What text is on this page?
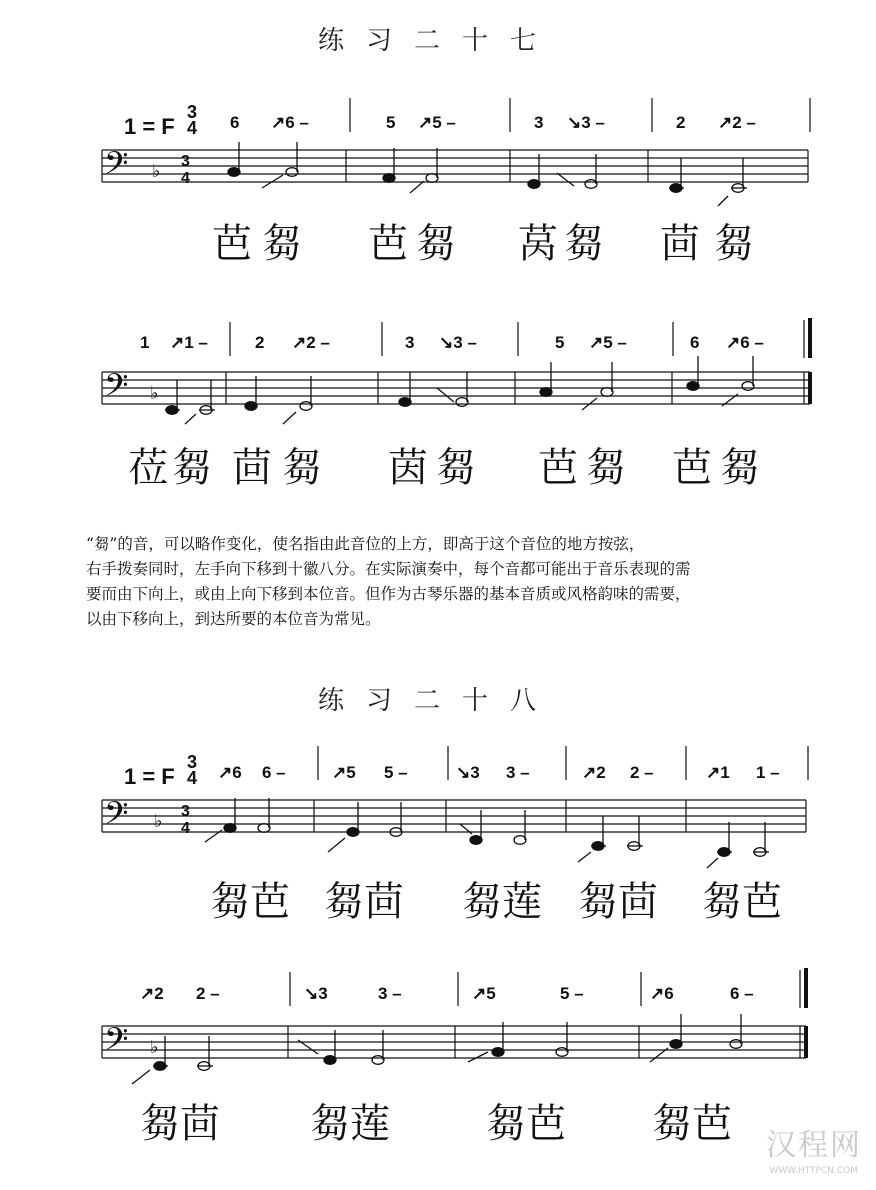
练习二十七
1 = F
3
4 6 ↗6 –	5 ↗5 –	3 ↘3 –	2 ↗2 –
𝄢 ♭ 3
4
𝄢 ♭
𝄢 ♭ 3
4
𝄢 ♭
芭 芻 芭 芻 莴 芻 茴 芻
1 ↗1 –	2 ↗2 –	3 ↘3 –	5 ↗5 –	6 ↗6 –
莅 芻 茴 芻 茵 芻 芭 芻 芭 芻

“芻”的音，可以略作变化，使名指由此音位的上方，即高于这个音位的地方按弦，

右手拨奏同时，左手向下移到十徽八分。在实际演奏中，每个音都可能出于音乐表现的需

要而由下向上，或由上向下移到本位音。但作为古琴乐器的基本音质或风格韵味的需要，

以由下移向上，到达所要的本位音为常见。

练习二十八
1 = F
3
4 ↗6 6 –	↗5 5 –	↘3 3 –	↗2 2 –	↗1 1 –
芻芭 芻茴 芻莲 芻茴 芻芭
↗2 2 –	↘3	3 –	↗5	5 –	↗6	6 –
芻茴 芻莲 芻芭 芻芭 汉程网
WWW.HTTPCN.COM
